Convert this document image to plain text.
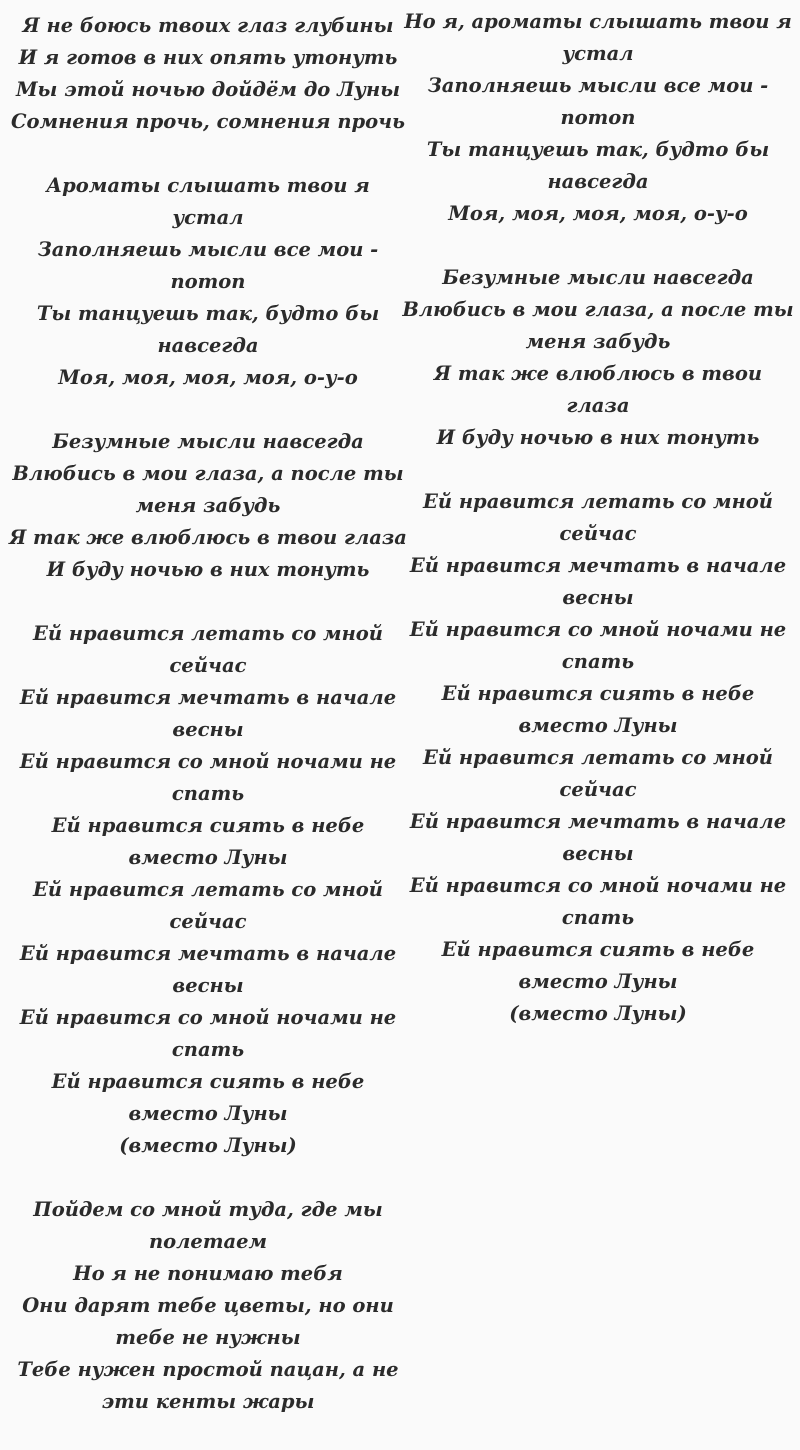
Я не боюсь твоих глаз глубины
И я готов в них опять утонуть
Мы этой ночью дойдём до Луны
Сомнения прочь, сомнения прочь
Ароматы слышать твои я устал
Заполняешь мысли все мои - потоп
Ты танцуешь так, будто бы навсегда
Моя, моя, моя, моя, о-у-о
Безумные мысли навсегда
Влюбись в мои глаза, а после ты меня забудь
Я так же влюблюсь в твои глаза
И буду ночью в них тонуть
Ей нравится летать со мной сейчас
Ей нравится мечтать в начале весны
Ей нравится со мной ночами не спать
Ей нравится сиять в небе вместо Луны
Ей нравится летать со мной сейчас
Ей нравится мечтать в начале весны
Ей нравится со мной ночами не спать
Ей нравится сиять в небе вместо Луны
(вместо Луны)
Пойдем со мной туда, где мы полетаем
Но я не понимаю тебя
Они дарят тебе цветы, но они тебе не нужны
Тебе нужен простой пацан, а не эти кенты жары
Но я, ароматы слышать твои я устал
Заполняешь мысли все мои - потоп
Ты танцуешь так, будто бы навсегда
Моя, моя, моя, моя, о-у-о
Безумные мысли навсегда
Влюбись в мои глаза, а после ты меня забудь
Я так же влюблюсь в твои глаза
И буду ночью в них тонуть
Ей нравится летать со мной сейчас
Ей нравится мечтать в начале весны
Ей нравится со мной ночами не спать
Ей нравится сиять в небе вместо Луны
Ей нравится летать со мной сейчас
Ей нравится мечтать в начале весны
Ей нравится со мной ночами не спать
Ей нравится сиять в небе вместо Луны
(вместо Луны)
